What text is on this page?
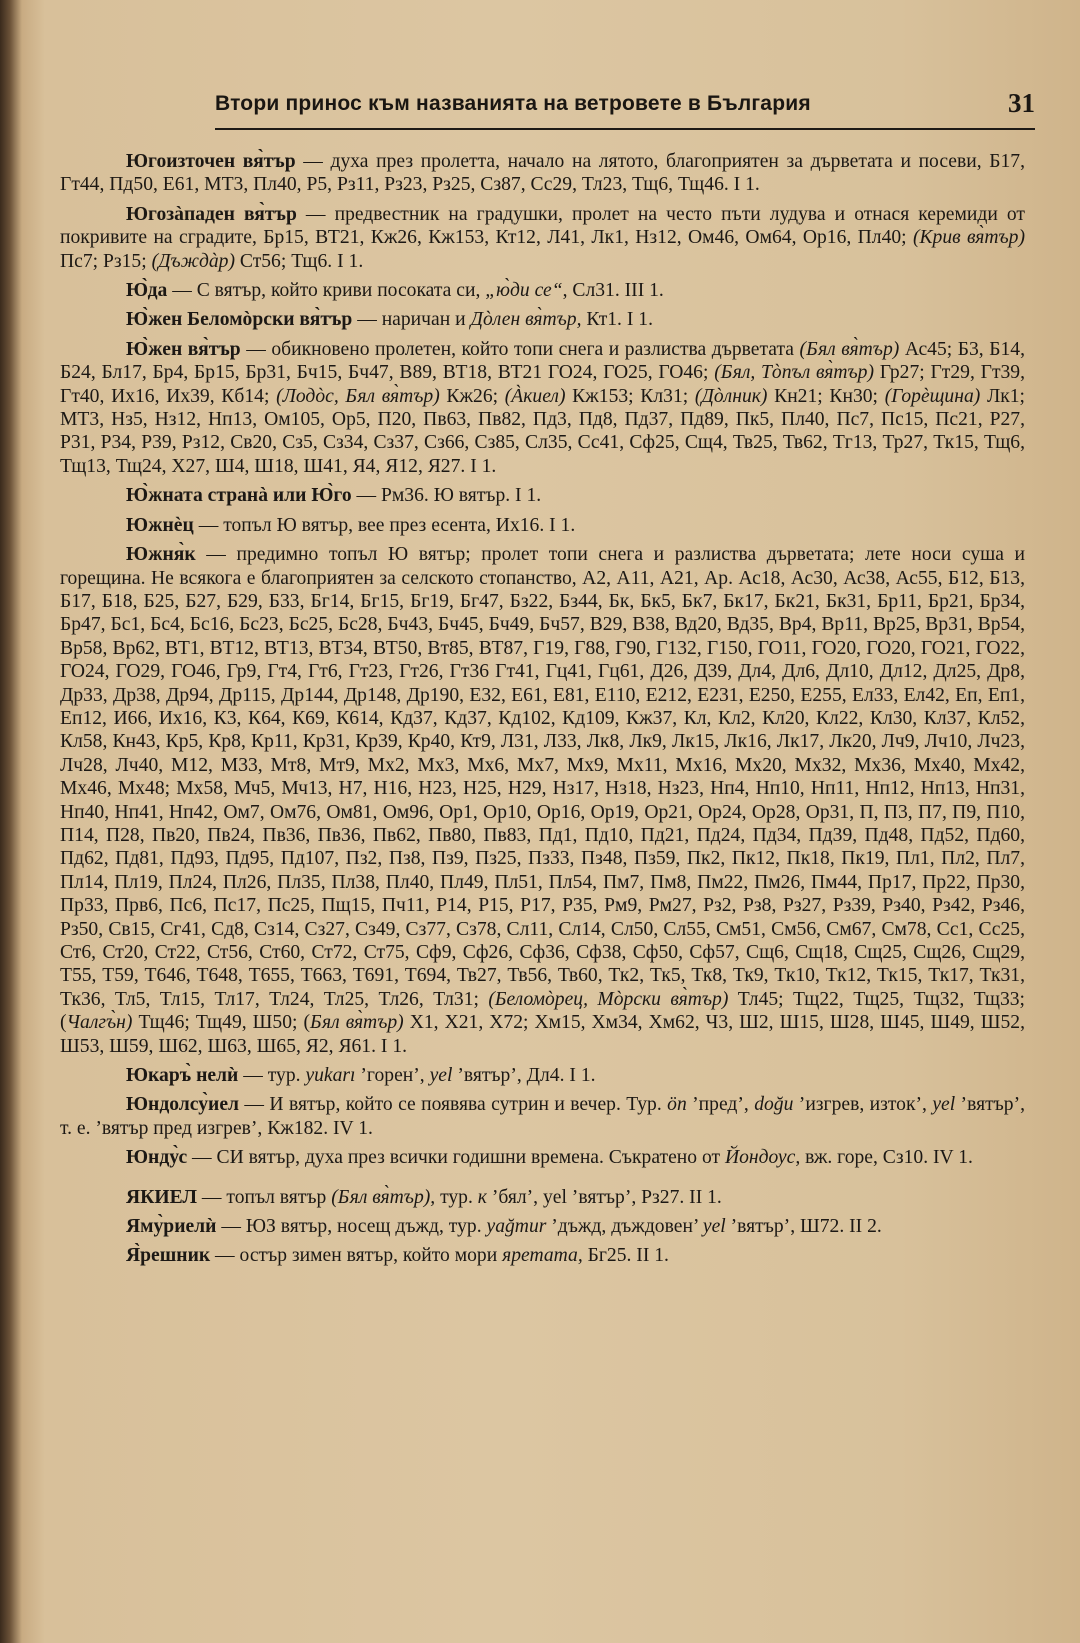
Втори принос към названията на ветровете в България	31

Югоизточен вя̀тър — духа през пролетта, начало на лятото, благоприятен за дърветата и посеви, Б17, Гт44, Пд50, Е61, МТ3, Пл40, Р5, Рз11, Рз23, Рз25, Сз87, Сс29, Тл23, Тщ6, Тщ46. І 1.

Югозàпаден вя̀тър — предвестник на градушки, пролет на често пъти лудува и отнася керемиди от покривите на сградите, Бр15, ВТ21, Кж26, Кж153, Кт12, Л41, Лк1, Нз12, Ом46, Ом64, Ор16, Пл40; (Крив вя̀тър) Пс7; Рз15; (Дъждàр) Ст56; Тщ6. І 1.

Ю̀да — С вятър, който криви посоката си, „ю̀ди се“, Сл31. ІІІ 1.

Ю̀жен Беломòрски вя̀тър — наричан и Дòлен вя̀тър, Кт1. І 1.

Ю̀жен вя̀тър — обикновено пролетен, който топи снега и разлиства дърветата (Бял вя̀тър) Ас45; Б3, Б14, Б24, Бл17, Бр4, Бр15, Бр31, Бч15, Бч47, В89, ВТ18, ВТ21 ГО24, ГО25, ГО46; (Бял, Тòпъл вя̀тър) Гр27; Гт29, Гт39, Гт40, Их16, Их39, Кб14; (Лодòс, Бял вя̀тър) Кж26; (Àкиел) Кж153; Кл31; (Дòлник) Кн21; Кн30; (Горèщина) Лк1; МТ3, Нз5, Нз12, Нп13, Ом105, Ор5, П20, Пв63, Пв82, Пд3, Пд8, Пд37, Пд89, Пк5, Пл40, Пс7, Пс15, Пс21, Р27, Р31, Р34, Р39, Рз12, Св20, Сз5, Сз34, Сз37, Сз66, Сз85, Сл35, Сс41, Сф25, Сщ4, Тв25, Тв62, Тг13, Тр27, Тк15, Тщ6, Тщ13, Тщ24, Х27, Ш4, Ш18, Ш41, Я4, Я12, Я27. І 1.

Ю̀жната странà или Ю̀го — Рм36. Ю вятър. І 1.

Южнѐц — топъл Ю вятър, вее през есента, Их16. І 1.

Южня̀к — предимно топъл Ю вятър; пролет топи снега и разлиства дърветата; лете носи суша и горещина. Не всякога е благоприятен за селското стопанство, А2, А11, А21, Ар. Ас18, Ас30, Ас38, Ас55, Б12, Б13, Б17, Б18, Б25, Б27, Б29, Б33, Бг14, Бг15, Бг19, Бг47, Бз22, Бз44, Бк, Бк5, Бк7, Бк17, Бк21, Бк31, Бр11, Бр21, Бр34, Бр47, Бс1, Бс4, Бс16, Бс23, Бс25, Бс28, Бч43, Бч45, Бч49, Бч57, В29, В38, Вд20, Вд35, Вр4, Вр11, Вр25, Вр31, Вр54, Вр58, Вр62, ВТ1, ВТ12, ВТ13, ВТ34, ВТ50, Вт85, ВТ87, Г19, Г88, Г90, Г132, Г150, ГО11, ГО20, ГО20, ГО21, ГО22, ГО24, ГО29, ГО46, Гр9, Гт4, Гт6, Гт23, Гт26, Гт36 Гт41, Гц41, Гц61, Д26, Д39, Дл4, Дл6, Дл10, Дл12, Дл25, Др8, Др33, Др38, Др94, Др115, Др144, Др148, Др190, Е32, Е61, Е81, Е110, Е212, Е231, Е250, Е255, Ел33, Ел42, Еп, Еп1, Еп12, И66, Их16, К3, К64, К69, К614, Кд37, Кд37, Кд102, Кд109, Кж37, Кл, Кл2, Кл20, Кл22, Кл30, Кл37, Кл52, Кл58, Кн43, Кр5, Кр8, Кр11, Кр31, Кр39, Кр40, Кт9, Л31, Л33, Лк8, Лк9, Лк15, Лк16, Лк17, Лк20, Лч9, Лч10, Лч23, Лч28, Лч40, М12, М33, Мт8, Мт9, Мх2, Мх3, Мх6, Мх7, Мх9, Мх11, Мх16, Мх20, Мх32, Мх36, Мх40, Мх42, Мх46, Мх48; Мх58, Мч5, Мч13, Н7, Н16, Н23, Н25, Н29, Нз17, Нз18, Нз23, Нп4, Нп10, Нп11, Нп12, Нп13, Нп31, Нп40, Нп41, Нп42, Ом7, Ом76, Ом81, Ом96, Ор1, Ор10, Ор16, Ор19, Ор21, Ор24, Ор28, Ор31, П, П3, П7, П9, П10, П14, П28, Пв20, Пв24, Пв36, Пв36, Пв62, Пв80, Пв83, Пд1, Пд10, Пд21, Пд24, Пд34, Пд39, Пд48, Пд52, Пд60, Пд62, Пд81, Пд93, Пд95, Пд107, Пз2, Пз8, Пз9, Пз25, Пз33, Пз48, Пз59, Пк2, Пк12, Пк18, Пк19, Пл1, Пл2, Пл7, Пл14, Пл19, Пл24, Пл26, Пл35, Пл38, Пл40, Пл49, Пл51, Пл54, Пм7, Пм8, Пм22, Пм26, Пм44, Пр17, Пр22, Пр30, Пр33, Прв6, Пс6, Пс17, Пс25, Пщ15, Пч11, Р14, Р15, Р17, Р35, Рм9, Рм27, Рз2, Рз8, Рз27, Рз39, Рз40, Рз42, Рз46, Рз50, Св15, Сг41, Сд8, Сз14, Сз27, Сз49, Сз77, Сз78, Сл11, Сл14, Сл50, Сл55, См51, См56, См67, См78, Сс1, Сс25, Ст6, Ст20, Ст22, Ст56, Ст60, Ст72, Ст75, Сф9, Сф26, Сф36, Сф38, Сф50, Сф57, Сщ6, Сщ18, Сщ25, Сщ26, Сщ29, Т55, Т59, Т646, Т648, Т655, Т663, Т691, Т694, Тв27, Тв56, Тв60, Тк2, Тк5, Тк8, Тк9, Тк10, Тк12, Тк15, Тк17, Тк31, Тк36, Тл5, Тл15, Тл17, Тл24, Тл25, Тл26, Тл31; (Беломòрец, Мòрски вя̀тър) Тл45; Тщ22, Тщ25, Тщ32, Тщ33; (Чалгъ̀н) Тщ46; Тщ49, Ш50; (Бял вя̀тър) Х1, Х21, Х72; Хм15, Хм34, Хм62, Ч3, Ш2, Ш15, Ш28, Ш45, Ш49, Ш52, Ш53, Ш59, Ш62, Ш63, Ш65, Я2, Я61. І 1.

Юкаръ̀ нелѝ — тур. yukarı ’горен’, yel ’вятър’, Дл4. І 1.

Юндолсу̀иел — И вятър, който се появява сутрин и вечер. Тур. ön ’пред’, doğu ’изгрев, изток’, yel ’вятър’, т. е. ’вятър пред изгрев’, Кж182. ІV 1.

Юнду̀с — СИ вятър, духа през всички годишни времена. Съкратено от Йондоус, вж. горе, Сз10. ІV 1.

ЯКИЕЛ — топъл вятър (Бял вя̀тър), тур. к ’бял’, yel ’вятър’, Рз27. ІІ 1.

Яму̀риелѝ — ЮЗ вятър, носещ дъжд, тур. yağmur ’дъжд, дъждовен’ yel ’вятър’, Ш72. ІІ 2.

Я̀решник — остър зимен вятър, който мори яретата, Бг25. ІІ 1.
